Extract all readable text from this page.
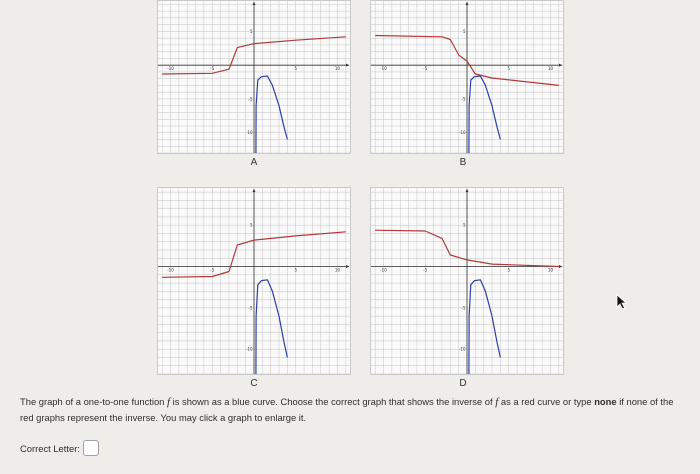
-10	-5	5	10
5
-5
-10
-10	-5	5	10
5
-5
-10
-10	-5	5	10
5
-5
-10
-10	-5	5	10
5
-5
-10
A	B
C	D
The graph of a one-to-one function f is shown as a blue curve. Choose the correct graph that shows the inverse of f as a red curve or type none if none of the red graphs represent the inverse. You may click a graph to enlarge it.
Correct Letter:
